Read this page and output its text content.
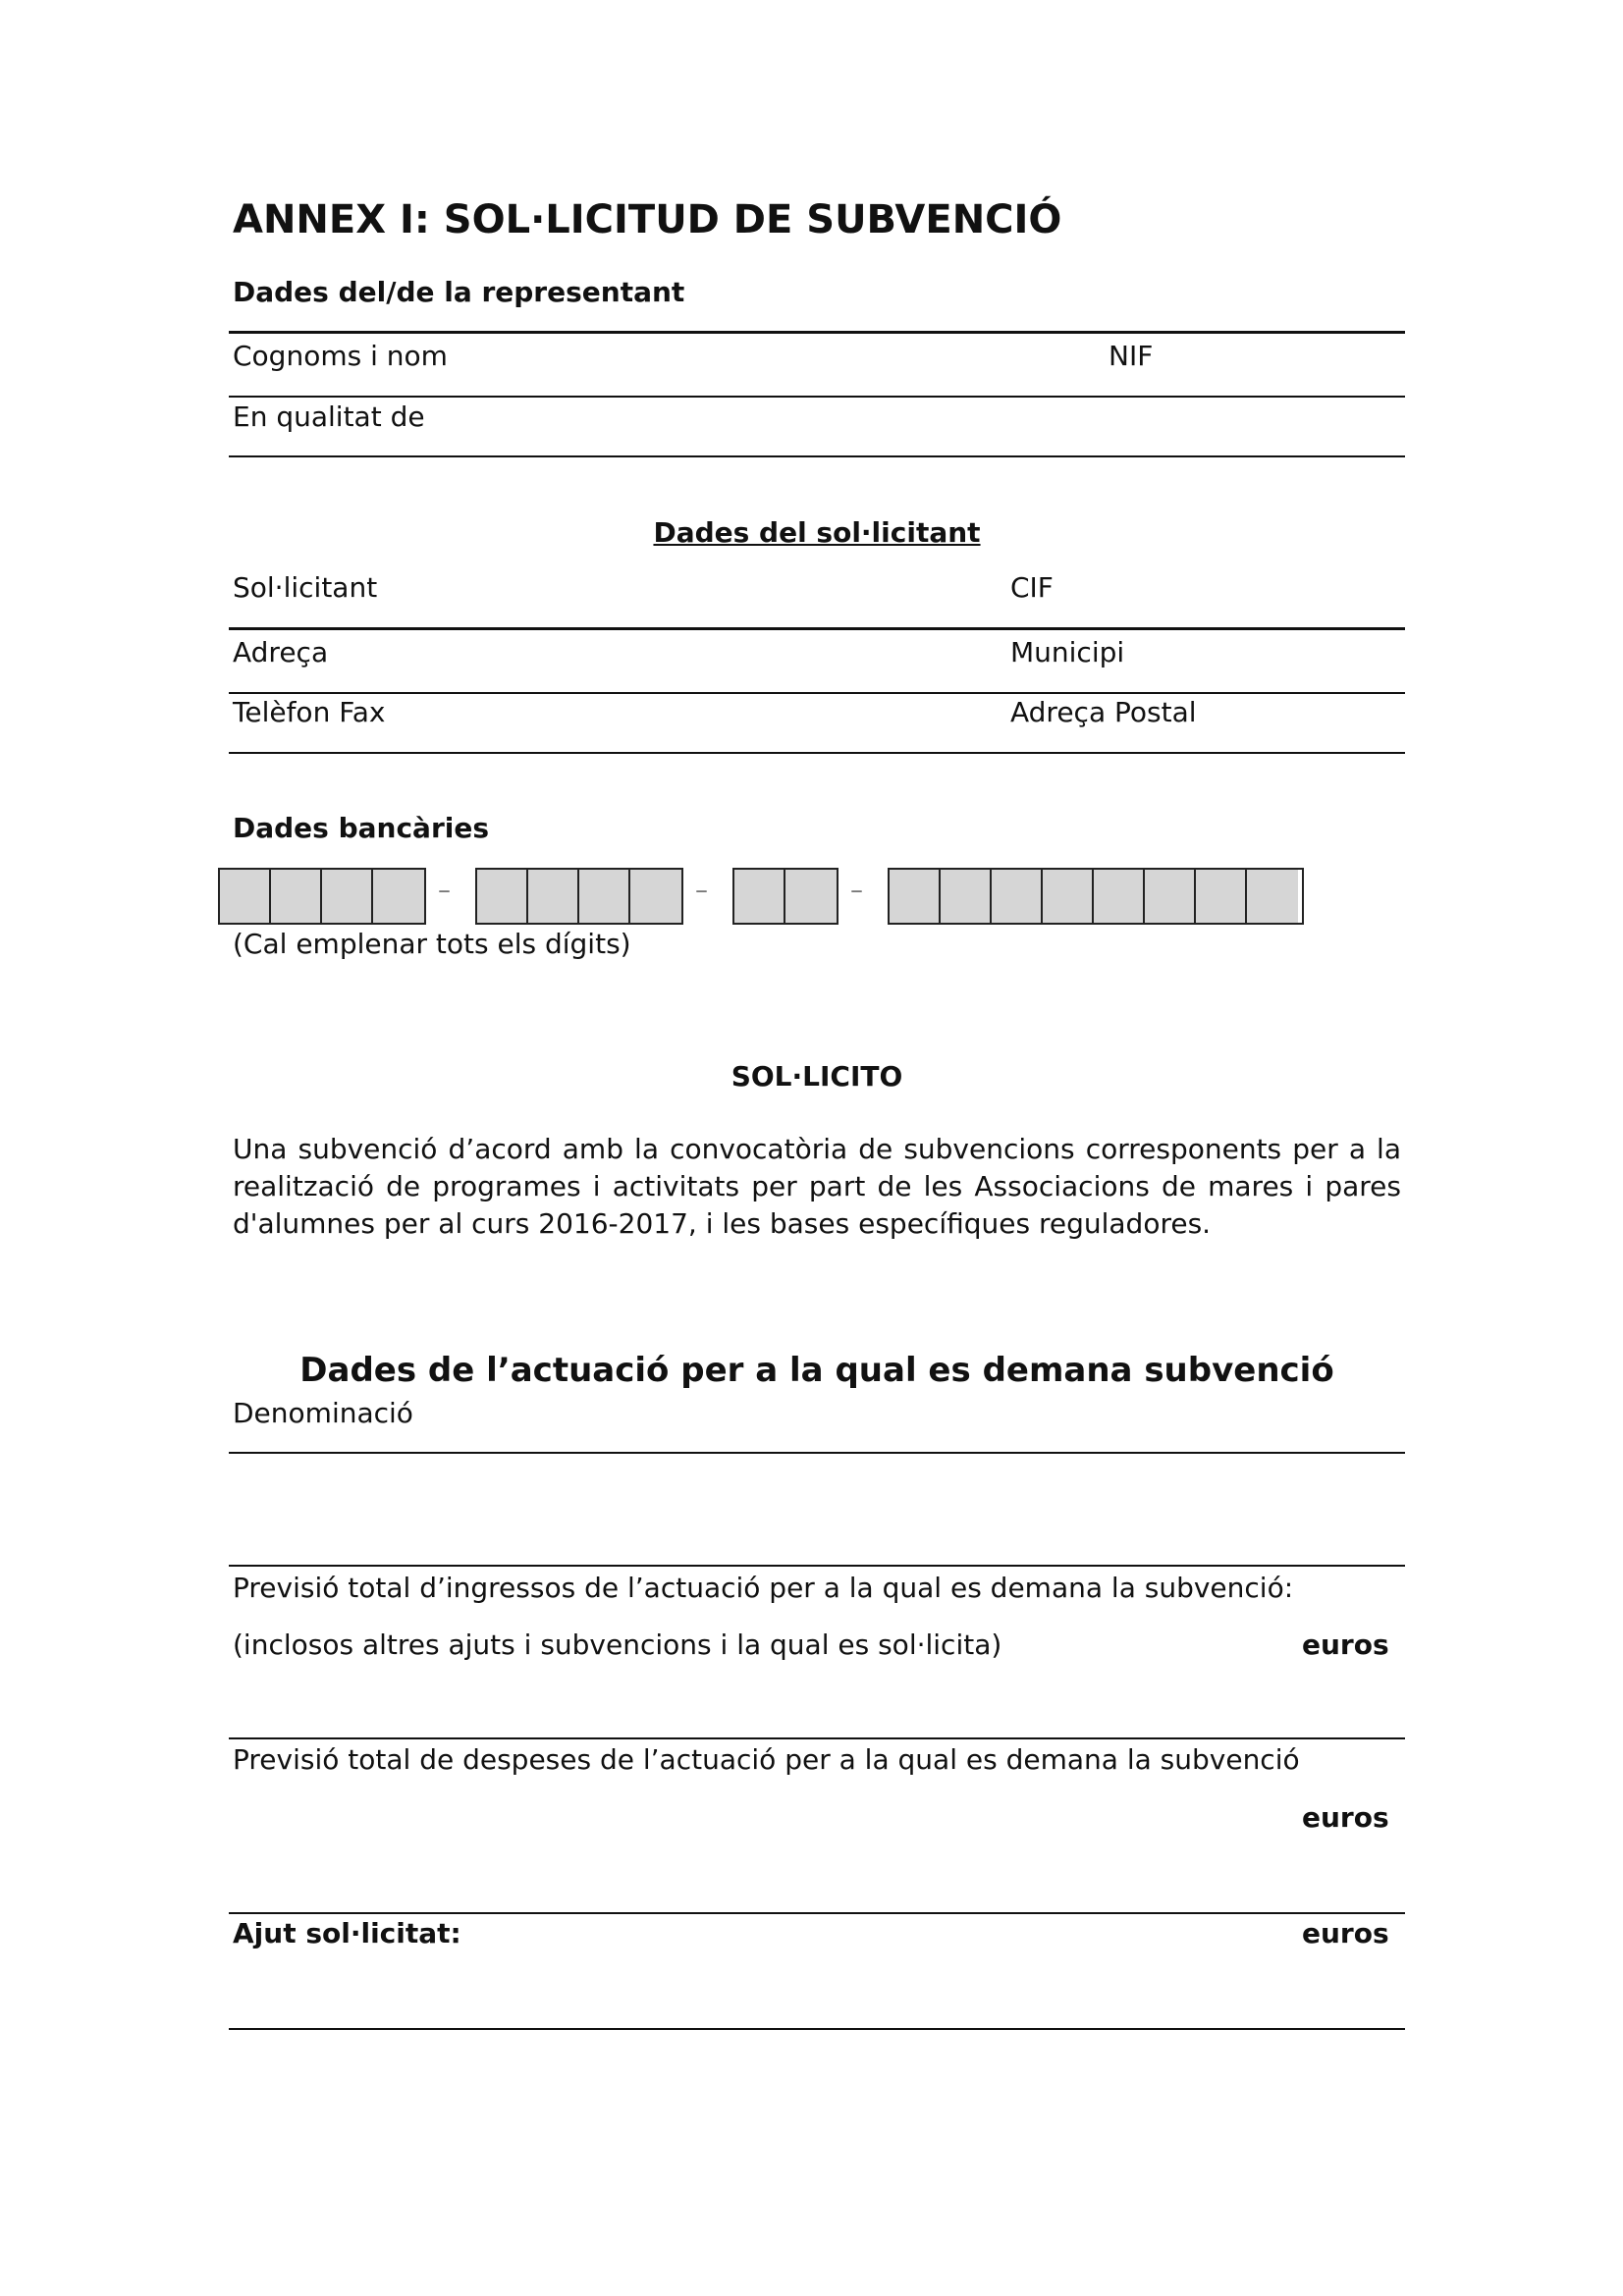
ANNEX I: SOL·LICITUD DE SUBVENCIÓ
Dades del/de la representant
Cognoms i nom	NIF
En qualitat de
Dades del sol·licitant
Sol·licitant	CIF
Adreça	Municipi
Telèfon Fax	Adreça Postal
Dades bancàries
–	–	–
(Cal emplenar tots els dígits)
SOL·LICITO
Una subvenció d’acord amb la convocatòria de subvencions corresponents per a la realització de programes i activitats per part de les Associacions de mares i pares d'alumnes per al curs 2016-2017, i les bases específiques reguladores.
Dades de l’actuació per a la qual es demana subvenció
Denominació
Previsió total d’ingressos de l’actuació per a la qual es demana la subvenció:
(inclosos altres ajuts i subvencions i la qual es sol·licita)	euros
Previsió total de despeses de l’actuació per a la qual es demana la subvenció
euros
Ajut sol·licitat:	euros
